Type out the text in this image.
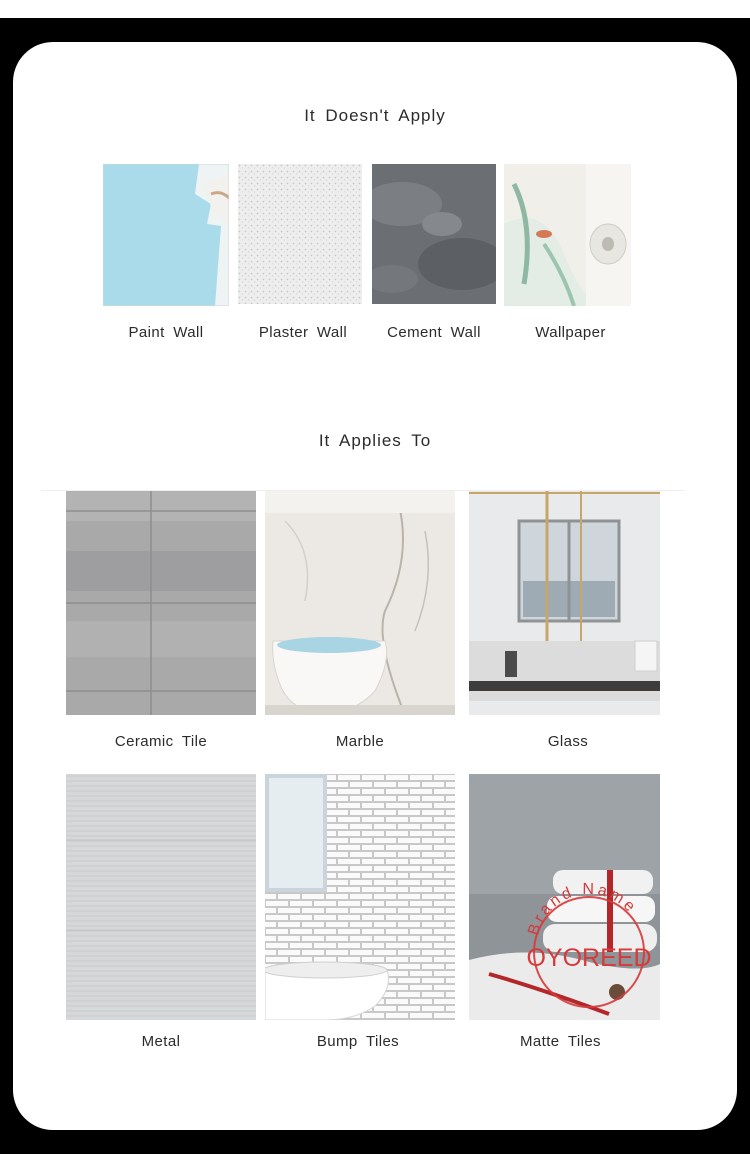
It Doesn't Apply
Paint Wall	Plaster Wall	Cement Wall	Wallpaper
It Applies To
Ceramic Tile	Marble	Glass
Metal	Bump Tiles	Matte Tiles
Brand Name
OYOREED
